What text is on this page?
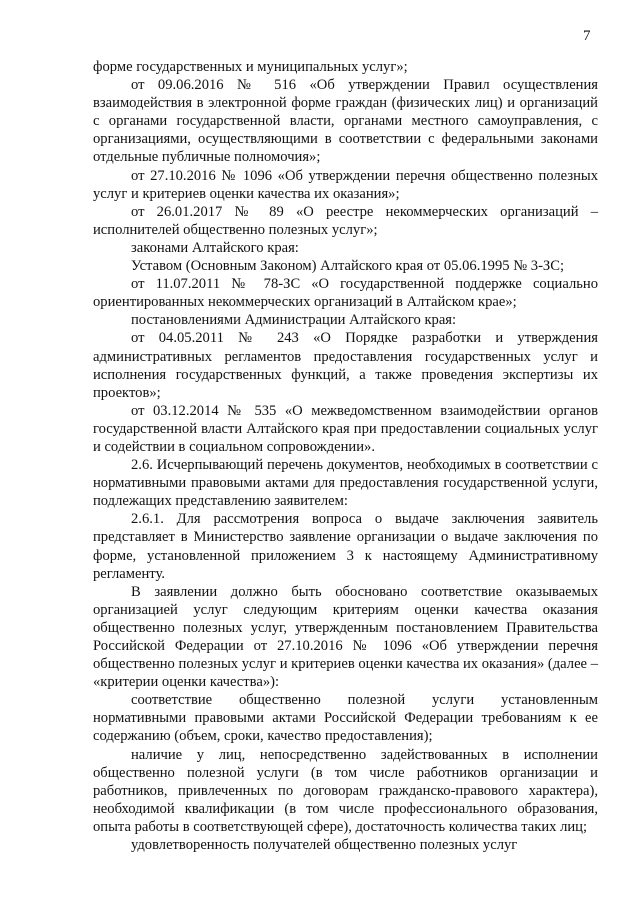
7

форме государственных и муниципальных услуг»;

от 09.06.2016 № 516 «Об утверждении Правил осуществления взаимодействия в электронной форме граждан (физических лиц) и организаций с органами государственной власти, органами местного самоуправления, с организациями, осуществляющими в соответствии с федеральными законами отдельные публичные полномочия»;

от 27.10.2016 № 1096 «Об утверждении перечня общественно полезных услуг и критериев оценки качества их оказания»;

от 26.01.2017 № 89 «О реестре некоммерческих организаций – исполнителей общественно полезных услуг»;

законами Алтайского края:

Уставом (Основным Законом) Алтайского края от 05.06.1995 № 3-ЗС;

от 11.07.2011 № 78-ЗС «О государственной поддержке социально ориентированных некоммерческих организаций в Алтайском крае»;

постановлениями Администрации Алтайского края:

от 04.05.2011 № 243 «О Порядке разработки и утверждения административных регламентов предоставления государственных услуг и исполнения государственных функций, а также проведения экспертизы их проектов»;

от 03.12.2014 № 535 «О межведомственном взаимодействии органов государственной власти Алтайского края при предоставлении социальных услуг и содействии в социальном сопровождении».

2.6. Исчерпывающий перечень документов, необходимых в соответствии с нормативными правовыми актами для предоставления государственной услуги, подлежащих представлению заявителем:

2.6.1. Для рассмотрения вопроса о выдаче заключения заявитель представляет в Министерство заявление организации о выдаче заключения по форме, установленной приложением 3 к настоящему Административному регламенту.

В заявлении должно быть обосновано соответствие оказываемых организацией услуг следующим критериям оценки качества оказания общественно полезных услуг, утвержденным постановлением Правительства Российской Федерации от 27.10.2016 № 1096 «Об утверждении перечня общественно полезных услуг и критериев оценки качества их оказания» (далее – «критерии оценки качества»):

соответствие общественно полезной услуги установленным нормативными правовыми актами Российской Федерации требованиям к ее содержанию (объем, сроки, качество предоставления);

наличие у лиц, непосредственно задействованных в исполнении общественно полезной услуги (в том числе работников организации и работников, привлеченных по договорам гражданско-правового характера), необходимой квалификации (в том числе профессионального образования, опыта работы в соответствующей сфере), достаточность количества таких лиц;

удовлетворенность получателей общественно полезных услуг
